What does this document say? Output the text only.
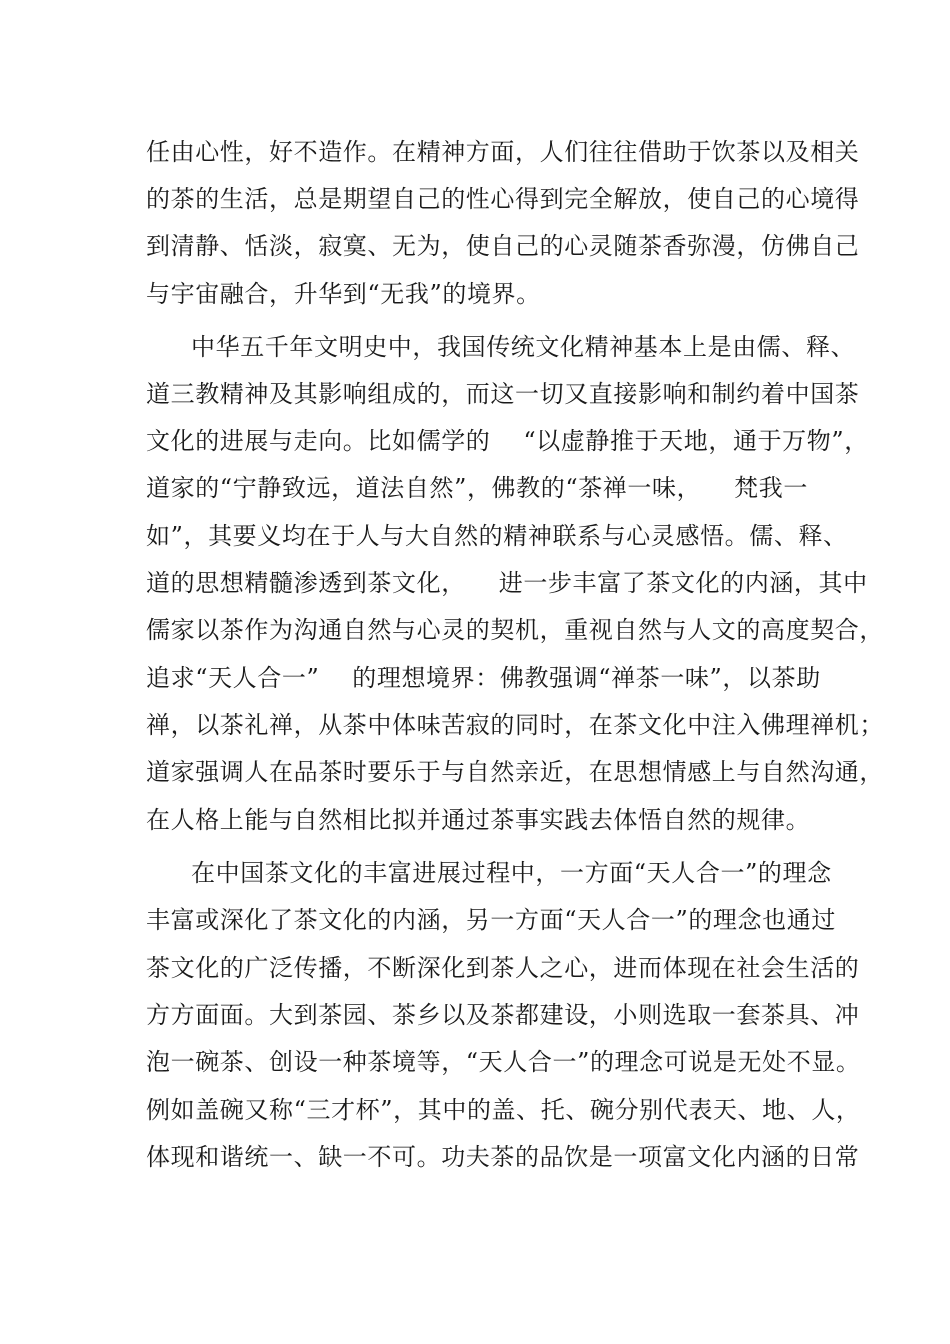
任由心性，好不造作。在精神方面，人们往往借助于饮茶以及相关
的茶的生活，总是期望自己的性心得到完全解放，使自己的心境得
到清静、恬淡，寂寞、无为，使自己的心灵随茶香弥漫，仿佛自己
与宇宙融合，升华到“无我”的境界。
中华五千年文明史中，我国传统文化精神基本上是由儒、释、
道三教精神及其影响组成的，而这一切又直接影响和制约着中国茶
文化的进展与走向。比如儒学的    “以虚静推于天地，通于万物”，
道家的“宁静致远，道法自然”，佛教的“茶禅一味，    梵我一
如”，其要义均在于人与大自然的精神联系与心灵感悟。儒、释、
道的思想精髓渗透到茶文化，    进一步丰富了茶文化的内涵，其中
儒家以茶作为沟通自然与心灵的契机，重视自然与人文的高度契合，
追求“天人合一”    的理想境界：佛教强调“禅茶一味”，以茶助
禅，以茶礼禅，从茶中体味苦寂的同时，在茶文化中注入佛理禅机；
道家强调人在品茶时要乐于与自然亲近，在思想情感上与自然沟通，
在人格上能与自然相比拟并通过茶事实践去体悟自然的规律。
在中国茶文化的丰富进展过程中，一方面“天人合一”的理念
丰富或深化了茶文化的内涵，另一方面“天人合一”的理念也通过
茶文化的广泛传播，不断深化到茶人之心，进而体现在社会生活的
方方面面。大到茶园、茶乡以及茶都建设，小则选取一套茶具、冲
泡一碗茶、创设一种茶境等，“天人合一”的理念可说是无处不显。
例如盖碗又称“三才杯”，其中的盖、托、碗分别代表天、地、人，
体现和谐统一、缺一不可。功夫茶的品饮是一项富文化内涵的日常
